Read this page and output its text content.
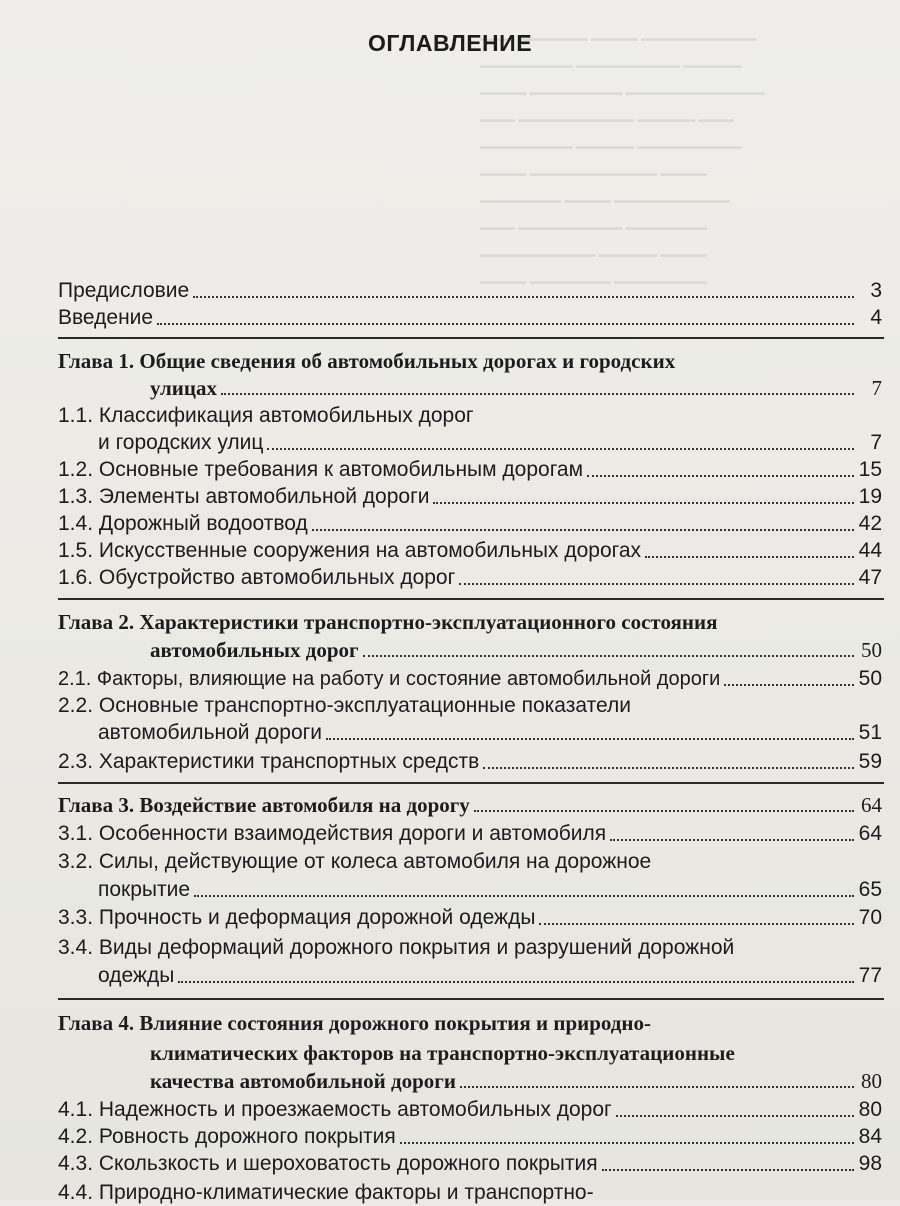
▁▁▁ ▁▁▁▁▁▁ ▁▁▁▁ ▁▁▁▁▁▁▁▁▁▁
▁▁▁▁▁▁▁▁ ▁▁▁▁▁▁▁▁▁ ▁▁▁▁▁
▁▁▁▁ ▁▁▁▁▁▁▁▁ ▁▁▁▁▁▁▁▁▁▁▁▁
▁▁▁ ▁▁▁▁▁▁▁▁▁▁ ▁▁▁▁▁ ▁▁▁
▁▁▁▁▁▁▁▁ ▁▁▁▁▁ ▁▁▁▁▁▁▁▁▁
▁▁▁▁ ▁▁▁▁▁▁▁▁▁▁▁ ▁▁▁▁
▁▁▁▁▁▁▁ ▁▁▁▁ ▁▁▁▁▁▁▁▁▁▁
▁▁▁ ▁▁▁▁▁▁▁▁▁ ▁▁▁▁▁▁▁
▁▁▁▁▁▁▁▁▁▁ ▁▁▁▁▁ ▁▁▁▁
▁▁▁▁ ▁▁▁▁▁▁▁ ▁▁▁▁▁▁▁▁
ОГЛАВЛЕНИЕ
Предисловие	3
Введение	4
Глава 1. Общие сведения об автомобильных дорогах и городских
улицах	7
1.1. Классификация автомобильных дорог
и городских улиц	7
1.2. Основные требования к автомобильным дорогам	15
1.3. Элементы автомобильной дороги	19
1.4. Дорожный водоотвод	42
1.5. Искусственные сооружения на автомобильных дорогах	44
1.6. Обустройство автомобильных дорог	47
Глава 2. Характеристики транспортно-эксплуатационного состояния
автомобильных дорог	50
2.1. Факторы, влияющие на работу и состояние автомобильной дороги	50
2.2. Основные транспортно-эксплуатационные показатели
автомобильной дороги	51
2.3. Характеристики транспортных средств	59
Глава 3. Воздействие автомобиля на дорогу	64
3.1. Особенности взаимодействия дороги и автомобиля	64
3.2. Силы, действующие от колеса автомобиля на дорожное
покрытие	65
3.3. Прочность и деформация дорожной одежды	70
3.4. Виды деформаций дорожного покрытия и разрушений дорожной
одежды	77
Глава 4. Влияние состояния дорожного покрытия и природно-
климатических факторов на транспортно-эксплуатационные
качества автомобильной дороги	80
4.1. Надежность и проезжаемость автомобильных дорог	80
4.2. Ровность дорожного покрытия	84
4.3. Скользкость и шероховатость дорожного покрытия	98
4.4. Природно-климатические факторы и транспортно-
